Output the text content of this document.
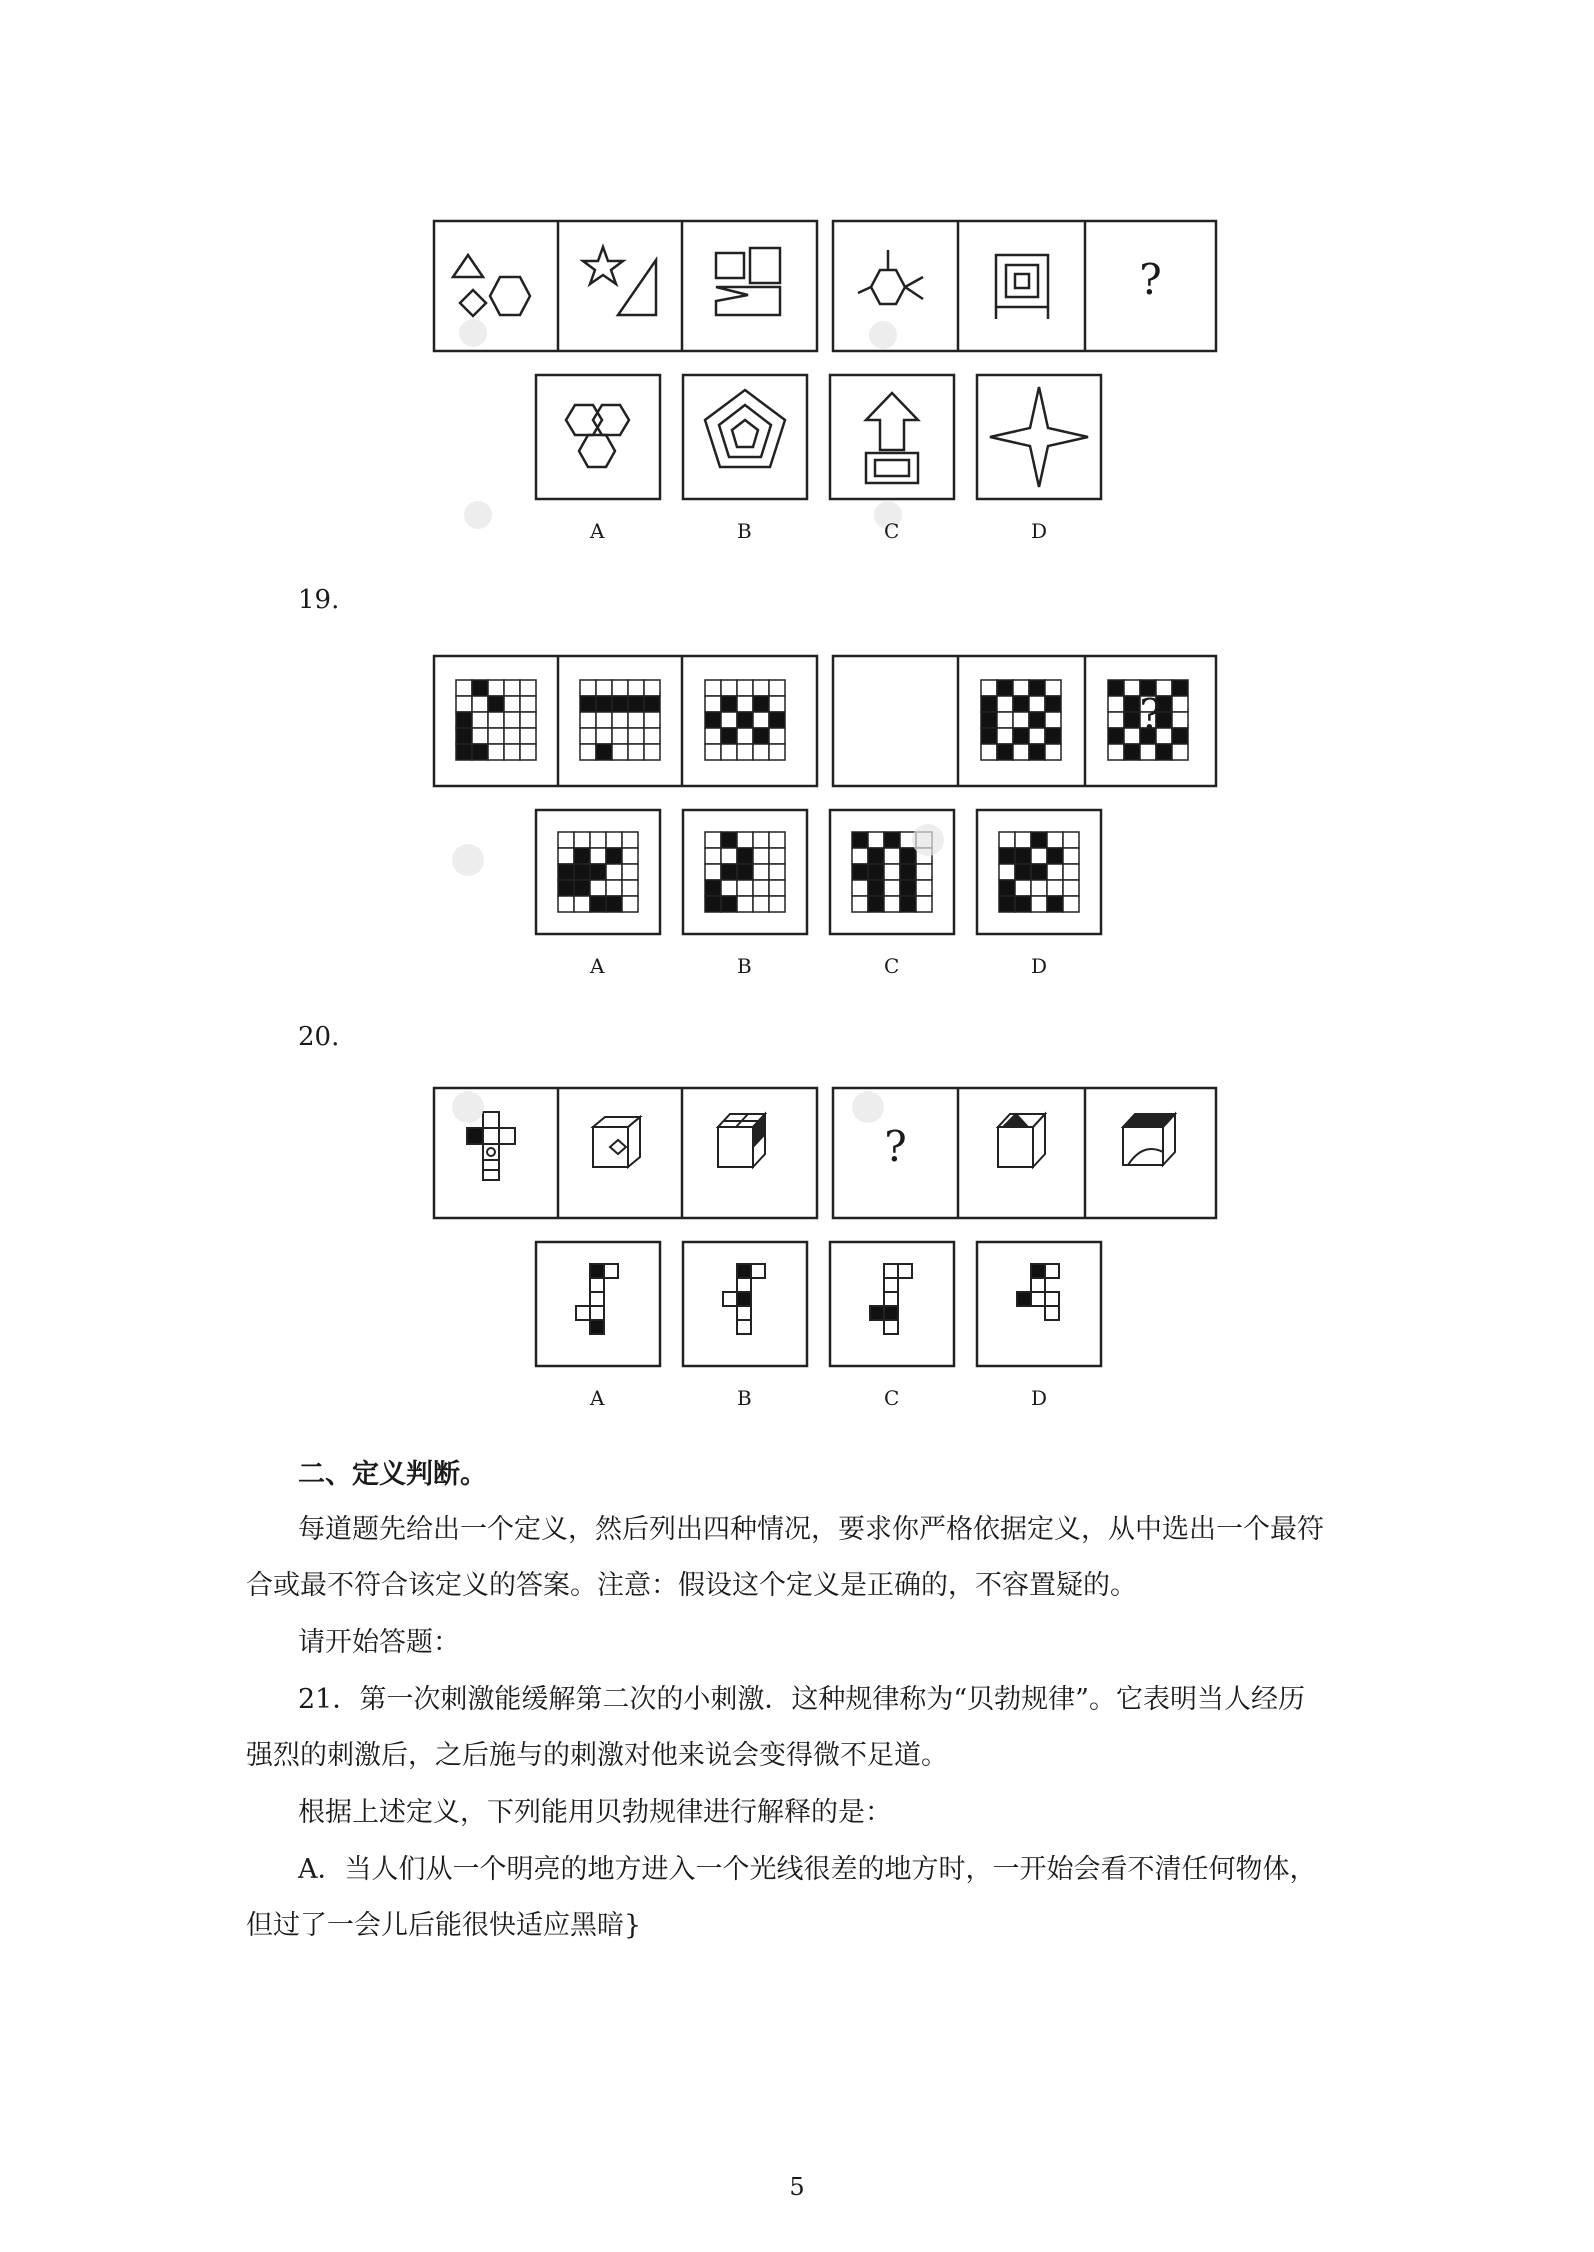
?
A	B	C	D
19.
?
A	B	C	D
20.
?
A	B	C	D
二、定义判断。
每道题先给出一个定义，然后列出四种情况，要求你严格依据定义，从中选出一个最符
合或最不符合该定义的答案。注意：假设这个定义是正确的，不容置疑的。
请开始答题：
21．第一次刺激能缓解第二次的小刺激．这种规律称为“贝勃规律”。它表明当人经历
强烈的刺激后，之后施与的刺激对他来说会变得微不足道。
根据上述定义，下列能用贝勃规律进行解释的是：
A．当人们从一个明亮的地方进入一个光线很差的地方时，一开始会看不清任何物体，
但过了一会儿后能很快适应黑暗}
5
